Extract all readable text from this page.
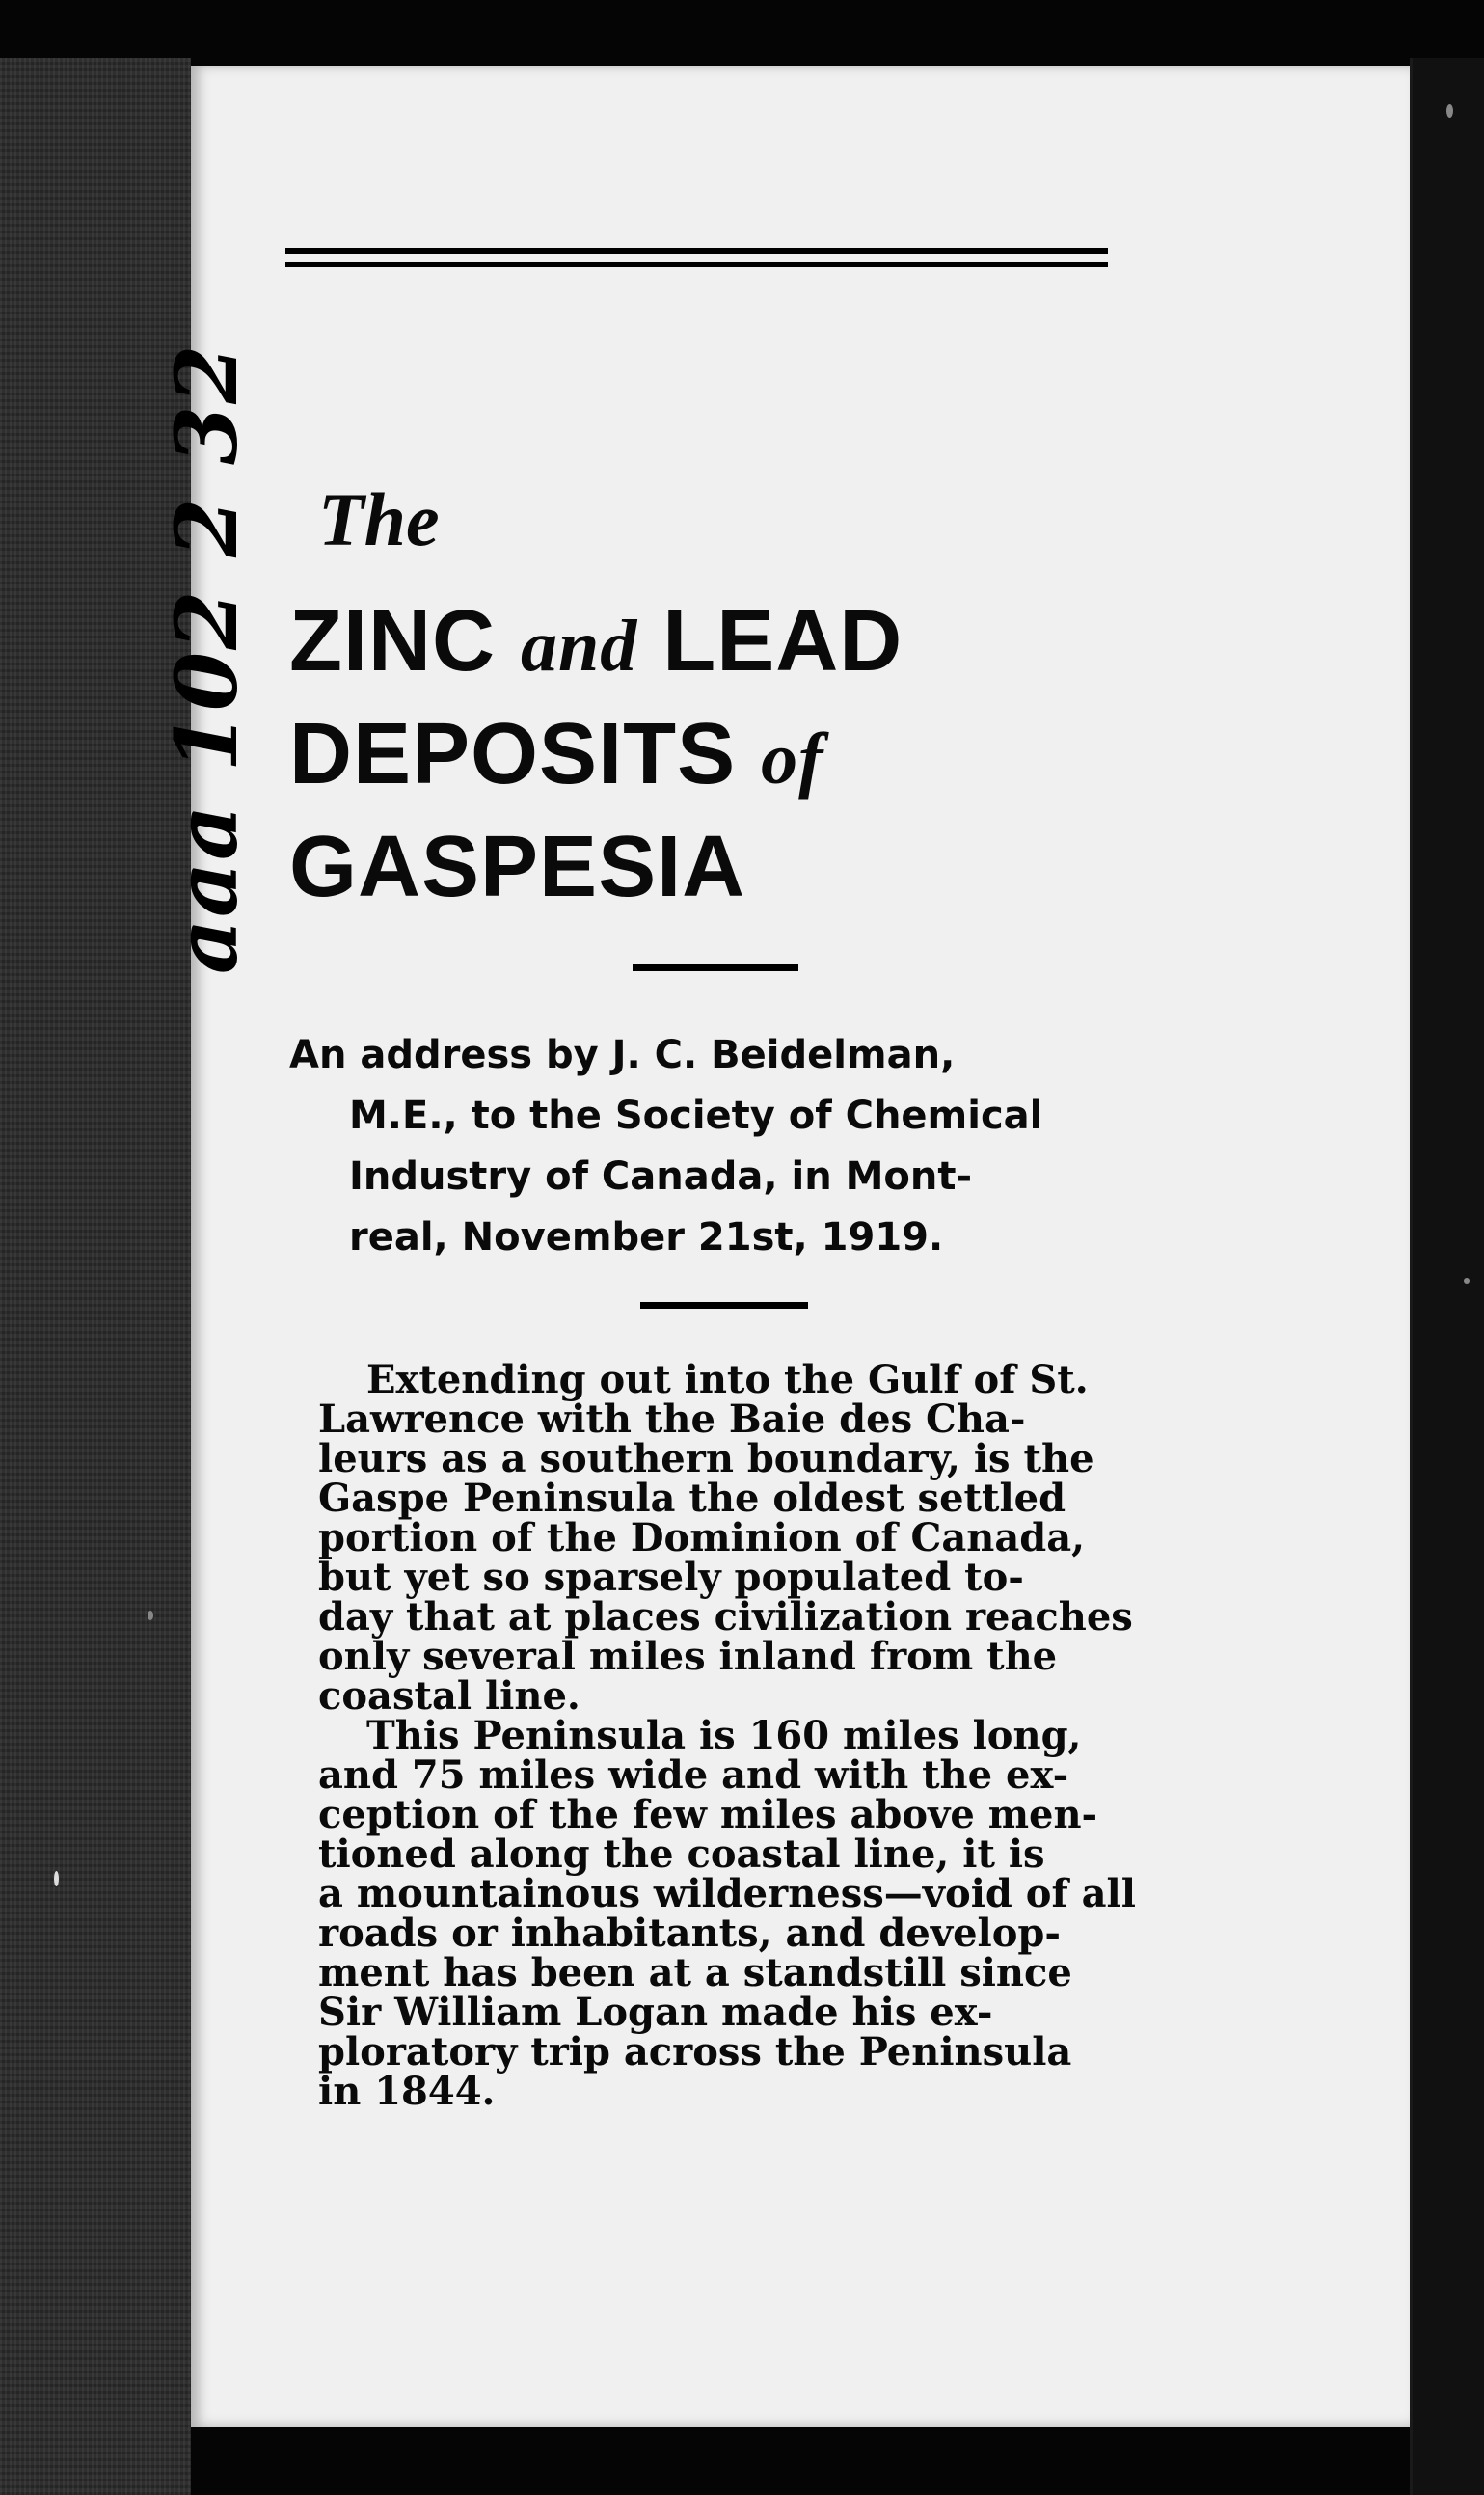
aaa 102 2 32 The
ZINC and LEAD
DEPOSITS of
GASPESIA
An address by J. C. Beidelman,
M.E., to the Society of Chemical
Industry of Canada, in Mont-
real, November 21st, 1919.
Extending out into the Gulf of St.
Lawrence with the Baie des Cha-
leurs as a southern boundary, is the
Gaspe Peninsula the oldest settled
portion of the Dominion of Canada,
but yet so sparsely populated to-
day that at places civilization reaches
only several miles inland from the
coastal line.
This Peninsula is 160 miles long,
and 75 miles wide and with the ex-
ception of the few miles above men-
tioned along the coastal line, it is
a mountainous wilderness—void of all
roads or inhabitants, and develop-
ment has been at a standstill since
Sir William Logan made his ex-
ploratory trip across the Peninsula
in 1844.
